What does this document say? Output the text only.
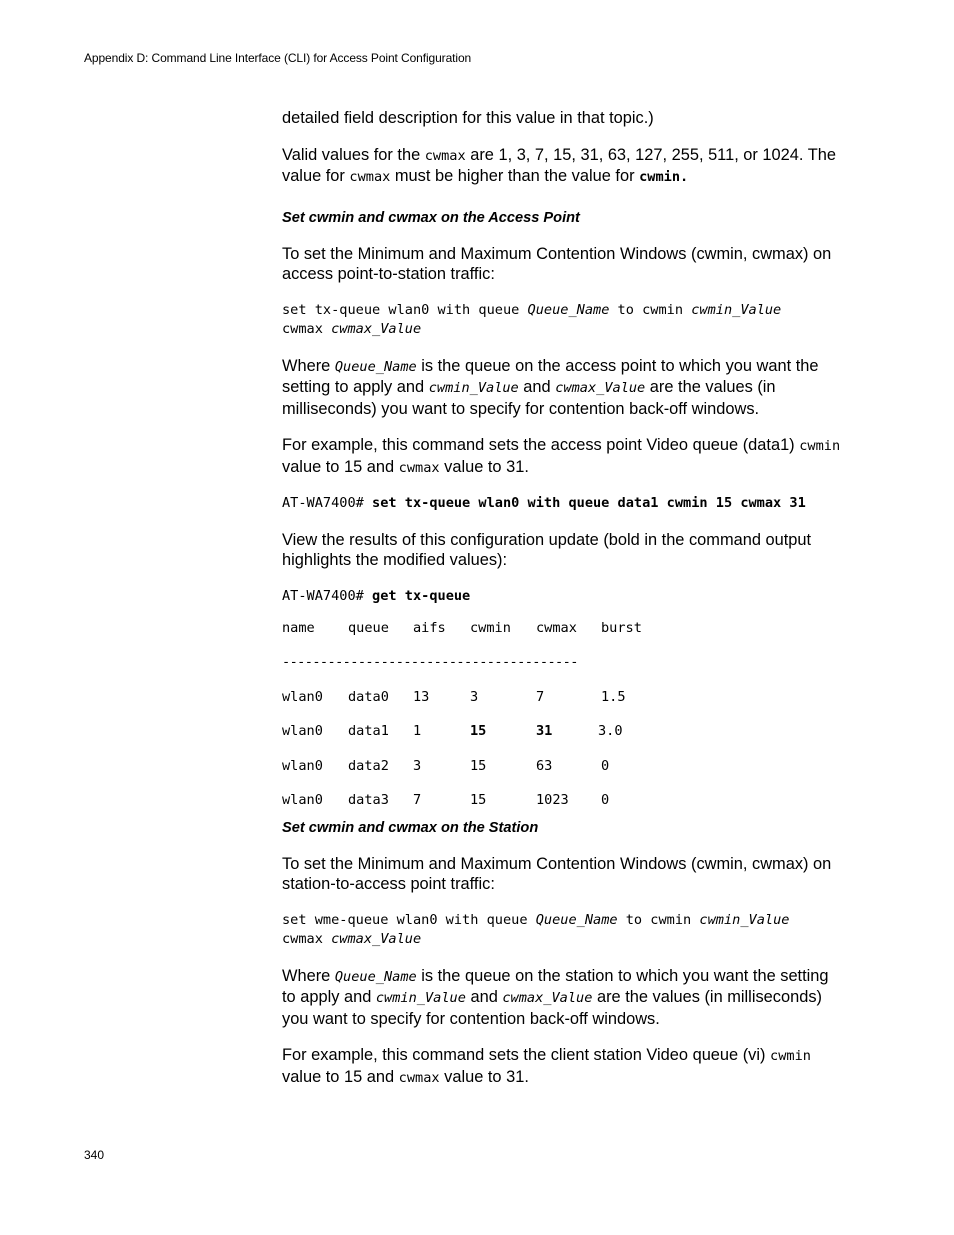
Appendix D: Command Line Interface (CLI) for Access Point Configuration

detailed field description for this value in that topic.)

Valid values for the cwmax are 1, 3, 7, 15, 31, 63, 127, 255, 511, or 1024. The value for cwmax must be higher than the value for cwmin.

Set cwmin and cwmax on the Access Point

To set the Minimum and Maximum Contention Windows (cwmin, cwmax) on access point-to-station traffic:

set tx-queue wlan0 with queue Queue_Name to cwmin cwmin_Value
cwmax cwmax_Value

Where Queue_Name is the queue on the access point to which you want the setting to apply and cwmin_Value and cwmax_Value are the values (in milliseconds) you want to specify for contention back-off windows.

For example, this command sets the access point Video queue (data1) cwmin value to 15 and cwmax value to 31.

AT-WA7400# set tx-queue wlan0 with queue data1 cwmin 15 cwmax 31

View the results of this configuration update (bold in the command output highlights the modified values):

AT-WA7400# get tx-queue
name queue aifs cwmin cwmax burst
---------------------------------------
wlan0 data0 13	3	7	1.5
wlan0 data1 1	15	31	3.0
wlan0 data2 3	15	63	0
wlan0 data3 7	15	1023 0
Set cwmin and cwmax on the Station

To set the Minimum and Maximum Contention Windows (cwmin, cwmax) on station-to-access point traffic:

set wme-queue wlan0 with queue Queue_Name to cwmin cwmin_Value
cwmax cwmax_Value

Where Queue_Name is the queue on the station to which you want the setting to apply and cwmin_Value and cwmax_Value are the values (in milliseconds) you want to specify for contention back-off windows.

For example, this command sets the client station Video queue (vi) cwmin value to 15 and cwmax value to 31.

340
